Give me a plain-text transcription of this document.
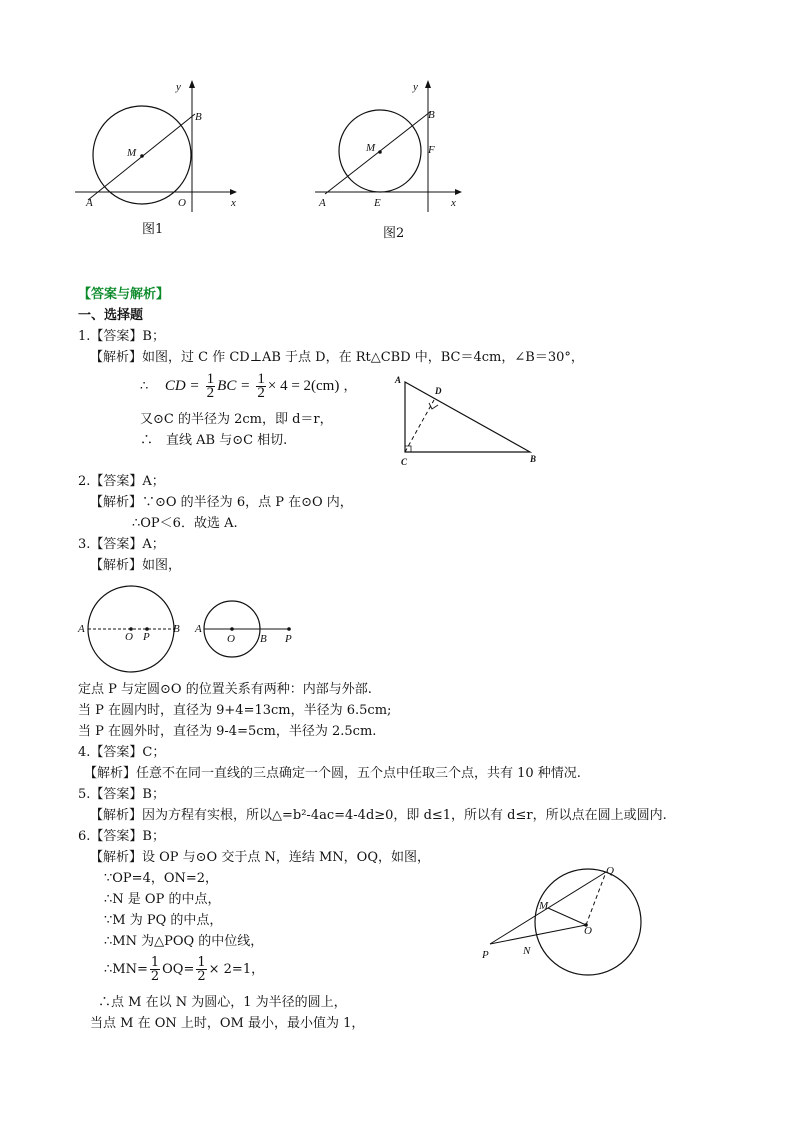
y
B
M
A	O	x
图1
y
B
F
M
A	E	x
图2
【答案与解析】
一、选择题
1.【答案】B；
【解析】如图，过 C 作 CD⊥AB 于点 D，在 Rt△CBD 中，BC＝4cm，∠B＝30°，
∴ CD = $\frac{1}{2}$ BC = $\frac{1}{2} \times 4 = 2(cm)$ ，
又⊙C 的半径为 2cm，即 d＝r，
∴　直线 AB 与⊙C 相切.
A
D
C	B
2.【答案】A；
【解析】∵⊙O 的半径为 6，点 P 在⊙O 内，
∴OP＜6．故选 A.
3.【答案】A；
【解析】如图，
A
O P
B A
O B P
定点 P 与定圆⊙O 的位置关系有两种：内部与外部.
当 P 在圆内时，直径为 9+4=13cm，半径为 6.5cm;
当 P 在圆外时，直径为 9-4=5cm，半径为 2.5cm.
4.【答案】C；
【解析】任意不在同一直线的三点确定一个圆，五个点中任取三个点，共有 10 种情况.
5.【答案】B；
【解析】因为方程有实根，所以△=b²-4ac=4-4d≥0，即 d≤1，所以有 d≤r，所以点在圆上或圆内.
6.【答案】B；
【解析】设 OP 与⊙O 交于点 N，连结 MN，OQ，如图，
∵OP=4，ON=2，
∴N 是 OP 的中点，
∵M 为 PQ 的中点，
∴MN 为△POQ 的中位线，
∴MN= $\frac{1}{2} OQ= \frac{1}{2} \times 2=1$，
∴点 M 在以 N 为圆心，1 为半径的圆上，
当点 M 在 ON 上时，OM 最小，最小值为 1，
Q
M
O
N
P
